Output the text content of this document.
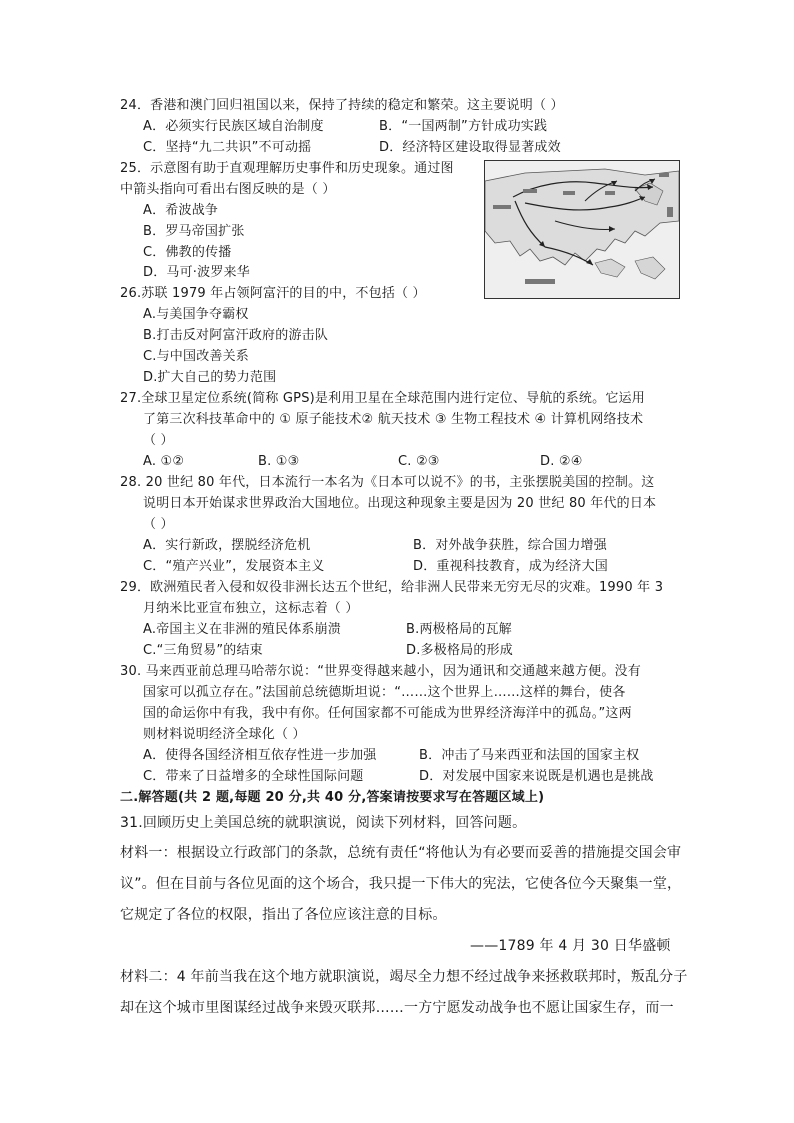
24．香港和澳门回归祖国以来，保持了持续的稳定和繁荣。这主要说明（ ）
A．必须实行民族区域自治制度	B．“一国两制”方针成功实践
C．坚持“九二共识”不可动摇	D．经济特区建设取得显著成效
25．示意图有助于直观理解历史事件和历史现象。通过图
中箭头指向可看出右图反映的是（ ）
A．希波战争
B．罗马帝国扩张
C．佛教的传播
D．马可·波罗来华
26.苏联 1979 年占领阿富汗的目的中，不包括（ ）
A.与美国争夺霸权
B.打击反对阿富汗政府的游击队
C.与中国改善关系
D.扩大自己的势力范围
27.全球卫星定位系统(简称 GPS)是利用卫星在全球范围内进行定位、导航的系统。它运用
了第三次科技革命中的 ① 原子能技术② 航天技术 ③ 生物工程技术 ④ 计算机网络技术
（ ）
A. ①②	B. ①③	C. ②③	D. ②④
28. 20 世纪 80 年代，日本流行一本名为《日本可以说不》的书，主张摆脱美国的控制。这
说明日本开始谋求世界政治大国地位。出现这种现象主要是因为 20 世纪 80 年代的日本
（ ）
A．实行新政，摆脱经济危机	B．对外战争获胜，综合国力增强
C．“殖产兴业”，发展资本主义	D．重视科技教育，成为经济大国
29．欧洲殖民者入侵和奴役非洲长达五个世纪，给非洲人民带来无穷无尽的灾难。1990 年 3
月纳米比亚宣布独立，这标志着（ ）
A.帝国主义在非洲的殖民体系崩溃	B.两极格局的瓦解
C.“三角贸易”的结束	D.多极格局的形成
30. 马来西亚前总理马哈蒂尔说：“世界变得越来越小，因为通讯和交通越来越方便。没有
国家可以孤立存在。”法国前总统德斯坦说：“……这个世界上……这样的舞台，使各
国的命运你中有我，我中有你。任何国家都不可能成为世界经济海洋中的孤岛。”这两
则材料说明经济全球化（ ）
A．使得各国经济相互依存性进一步加强	B．冲击了马来西亚和法国的国家主权
C．带来了日益增多的全球性国际问题	D．对发展中国家来说既是机遇也是挑战
二.解答题(共 2 题,每题 20 分,共 40 分,答案请按要求写在答题区域上)
31.回顾历史上美国总统的就职演说，阅读下列材料，回答问题。
材料一：根据设立行政部门的条款，总统有责任“将他认为有必要而妥善的措施提交国会审
议”。但在目前与各位见面的这个场合，我只提一下伟大的宪法，它使各位今天聚集一堂，
它规定了各位的权限，指出了各位应该注意的目标。
——1789 年 4 月 30 日华盛顿
材料二：4 年前当我在这个地方就职演说，竭尽全力想不经过战争来拯救联邦时，叛乱分子
却在这个城市里图谋经过战争来毁灭联邦……一方宁愿发动战争也不愿让国家生存，而一
